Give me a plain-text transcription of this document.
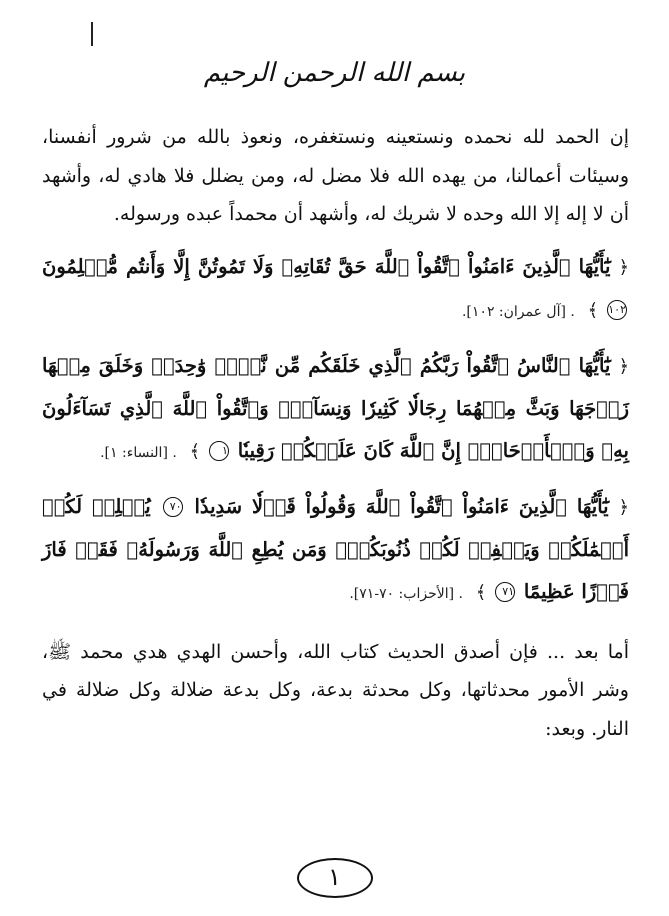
بسم الله الرحمن الرحيم

إن الحمد لله نحمده ونستعينه ونستغفره، ونعوذ بالله من شرور أنفسنا، وسيئات أعمالنا، من يهده الله فلا مضل له، ومن يضلل فلا هادي له، وأشهد أن لا إله إلا الله وحده لا شريك له، وأشهد أن محمداً عبده ورسوله.

﴿ يَٰٓأَيُّهَا ٱلَّذِينَ ءَامَنُواْ ٱتَّقُواْ ٱللَّهَ حَقَّ تُقَاتِهِۦ وَلَا تَمُوتُنَّ إِلَّا وَأَنتُم مُّسۡلِمُونَ ١٠٢ ﴾ . [آل عمران: ١٠٢].

﴿ يَٰٓأَيُّهَا ٱلنَّاسُ ٱتَّقُواْ رَبَّكُمُ ٱلَّذِي خَلَقَكُم مِّن نَّفۡسٖ وَٰحِدَةٖ وَخَلَقَ مِنۡهَا زَوۡجَهَا وَبَثَّ مِنۡهُمَا رِجَالٗا كَثِيرٗا وَنِسَآءٗۚ وَٱتَّقُواْ ٱللَّهَ ٱلَّذِي تَسَآءَلُونَ بِهِۦ وَٱلۡأَرۡحَامَۚ إِنَّ ٱللَّهَ كَانَ عَلَيۡكُمۡ رَقِيبٗا ١ ﴾ . [النساء: ١].

﴿ يَٰٓأَيُّهَا ٱلَّذِينَ ءَامَنُواْ ٱتَّقُواْ ٱللَّهَ وَقُولُواْ قَوۡلٗا سَدِيدٗا ٧٠ يُصۡلِحۡ لَكُمۡ أَعۡمَٰلَكُمۡ وَيَغۡفِرۡ لَكُمۡ ذُنُوبَكُمۡۗ وَمَن يُطِعِ ٱللَّهَ وَرَسُولَهُۥ فَقَدۡ فَازَ فَوۡزًا عَظِيمًا ٧١ ﴾ . [الأحزاب: ٧٠-٧١].

أما بعد ... فإن أصدق الحديث كتاب الله، وأحسن الهدي هدي محمد ﷺ، وشر الأمور محدثاتها، وكل محدثة بدعة، وكل بدعة ضلالة وكل ضلالة في النار. وبعد:

١
